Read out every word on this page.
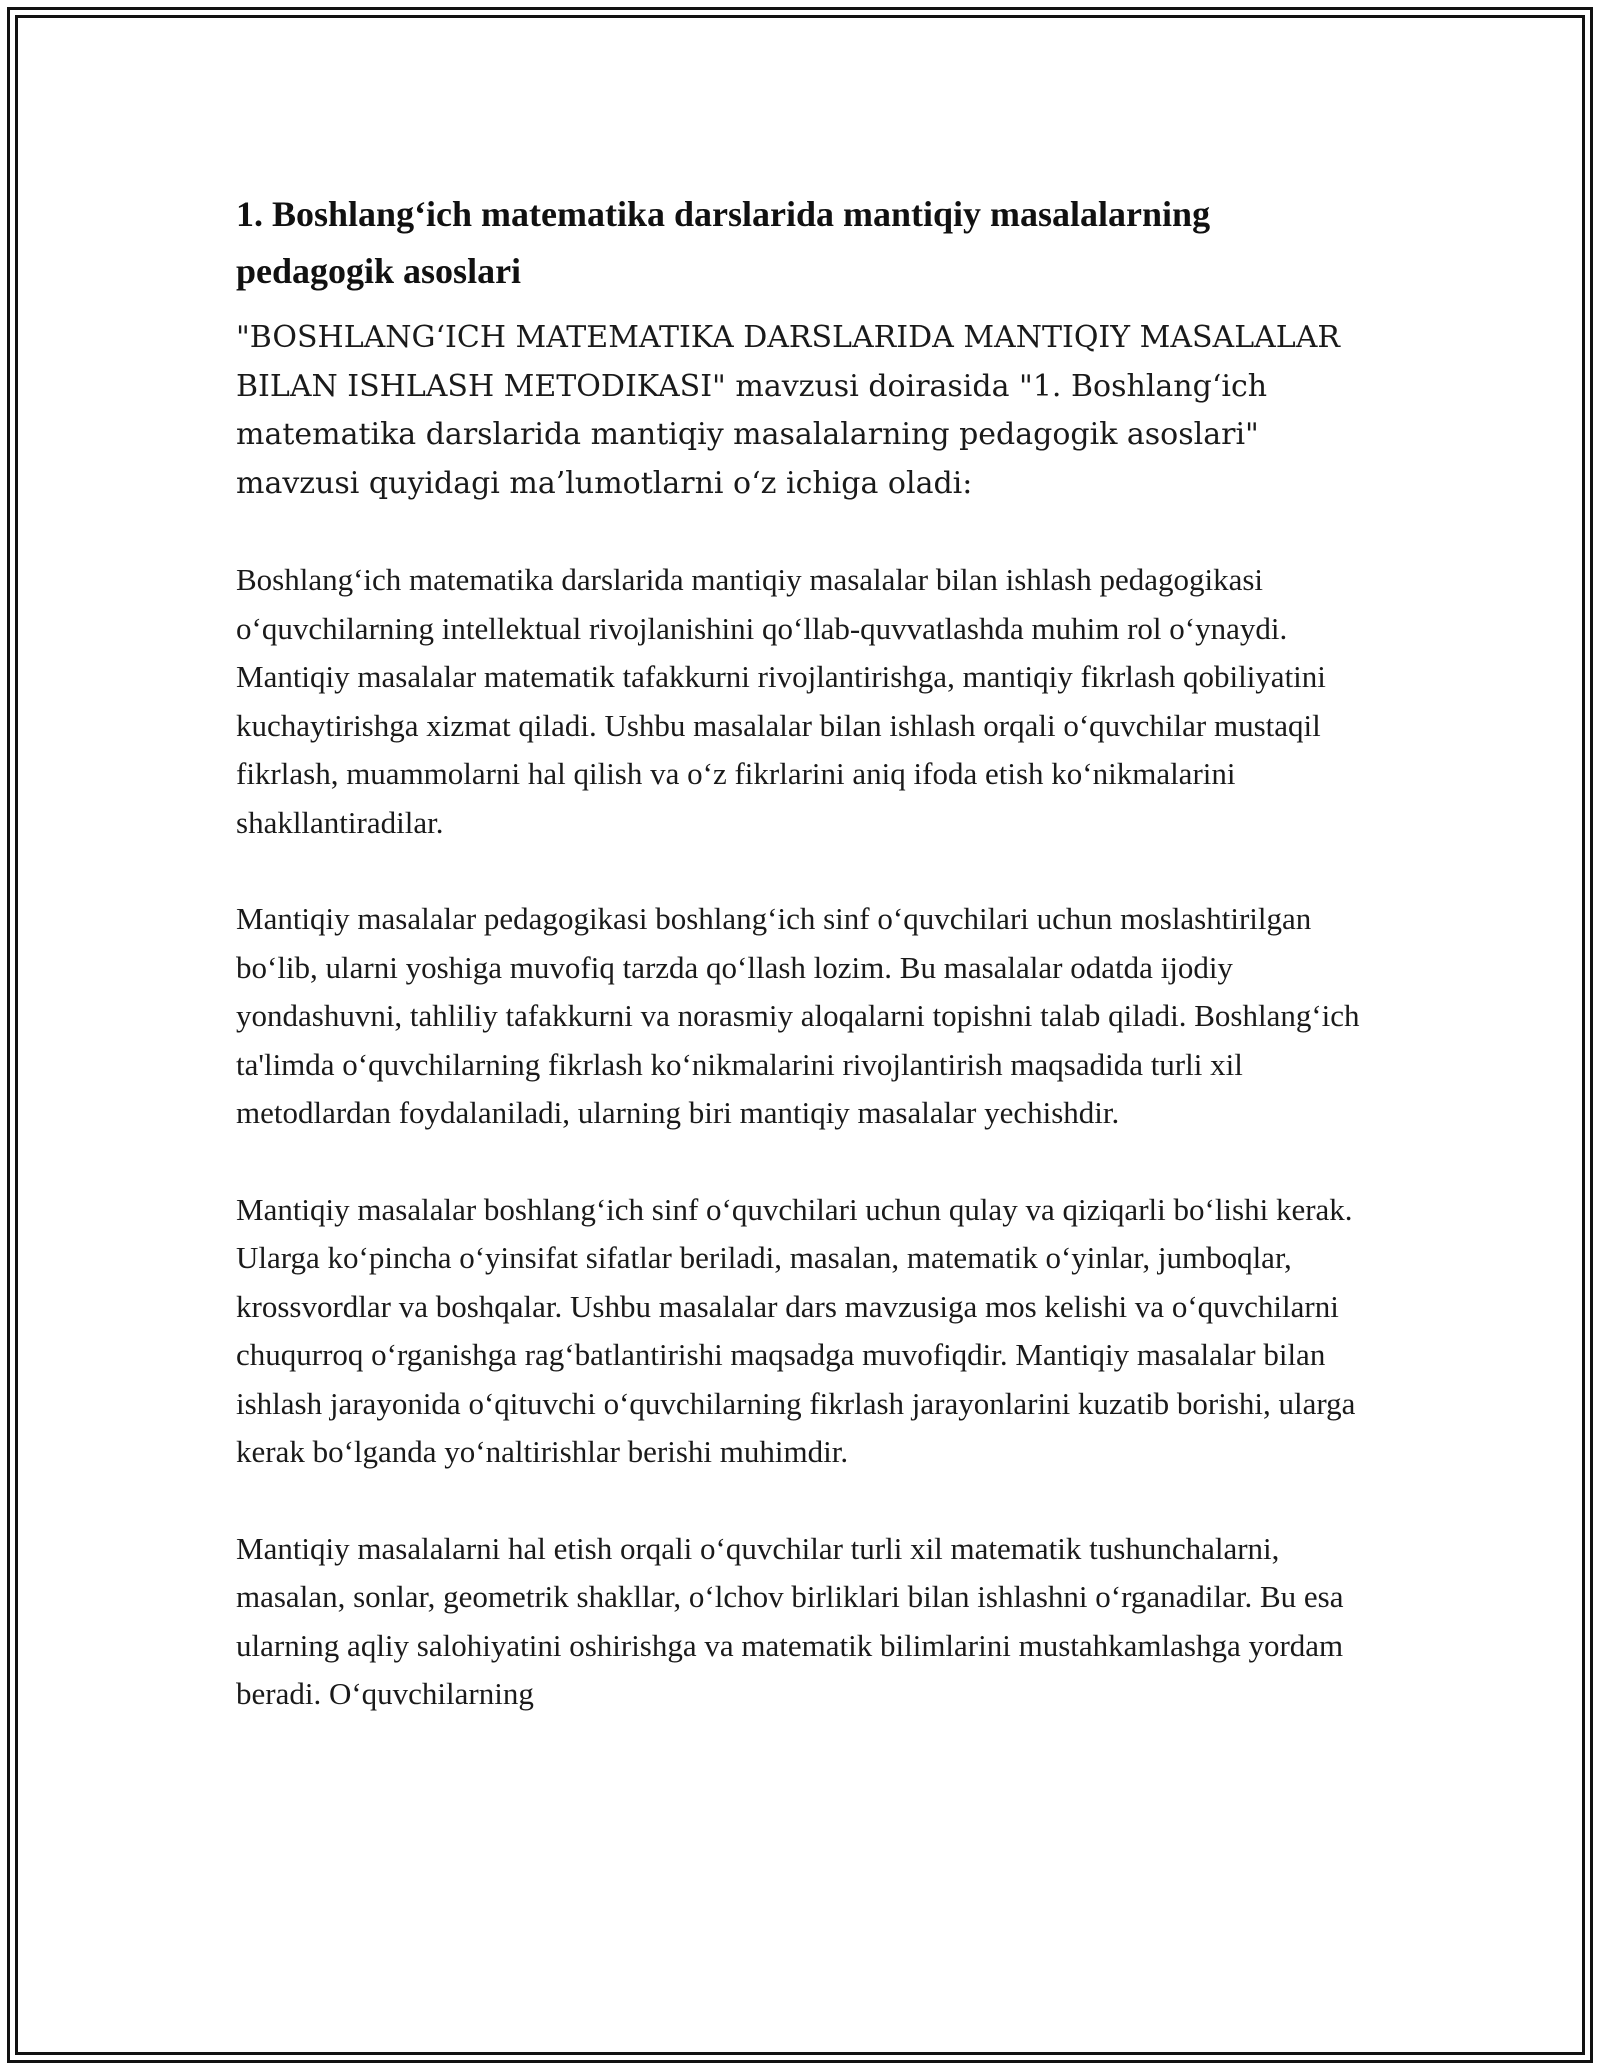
1. Boshlang‘ich matematika darslarida mantiqiy masalalarning pedagogik asoslari

"BOSHLANG‘ICH MATEMATIKA DARSLARIDA MANTIQIY MASALALAR BILAN ISHLASH METODIKASI" mavzusi doirasida "1. Boshlang‘ich matematika darslarida mantiqiy masalalarning pedagogik asoslari" mavzusi quyidagi ma’lumotlarni o‘z ichiga oladi:

Boshlang‘ich matematika darslarida mantiqiy masalalar bilan ishlash pedagogikasi o‘quvchilarning intellektual rivojlanishini qo‘llab-quvvatlashda muhim rol o‘ynaydi. Mantiqiy masalalar matematik tafakkurni rivojlantirishga, mantiqiy fikrlash qobiliyatini kuchaytirishga xizmat qiladi. Ushbu masalalar bilan ishlash orqali o‘quvchilar mustaqil fikrlash, muammolarni hal qilish va o‘z fikrlarini aniq ifoda etish ko‘nikmalarini shakllantiradilar.

Mantiqiy masalalar pedagogikasi boshlang‘ich sinf o‘quvchilari uchun moslashtirilgan bo‘lib, ularni yoshiga muvofiq tarzda qo‘llash lozim. Bu masalalar odatda ijodiy yondashuvni, tahliliy tafakkurni va norasmiy aloqalarni topishni talab qiladi. Boshlang‘ich ta'limda o‘quvchilarning fikrlash ko‘nikmalarini rivojlantirish maqsadida turli xil metodlardan foydalaniladi, ularning biri mantiqiy masalalar yechishdir.

Mantiqiy masalalar boshlang‘ich sinf o‘quvchilari uchun qulay va qiziqarli bo‘lishi kerak. Ularga ko‘pincha o‘yinsifat sifatlar beriladi, masalan, matematik o‘yinlar, jumboqlar, krossvordlar va boshqalar. Ushbu masalalar dars mavzusiga mos kelishi va o‘quvchilarni chuqurroq o‘rganishga rag‘batlantirishi maqsadga muvofiqdir. Mantiqiy masalalar bilan ishlash jarayonida o‘qituvchi o‘quvchilarning fikrlash jarayonlarini kuzatib borishi, ularga kerak bo‘lganda yo‘naltirishlar berishi muhimdir.

Mantiqiy masalalarni hal etish orqali o‘quvchilar turli xil matematik tushunchalarni, masalan, sonlar, geometrik shakllar, o‘lchov birliklari bilan ishlashni o‘rganadilar. Bu esa ularning aqliy salohiyatini oshirishga va matematik bilimlarini mustahkamlashga yordam beradi. O‘quvchilarning
